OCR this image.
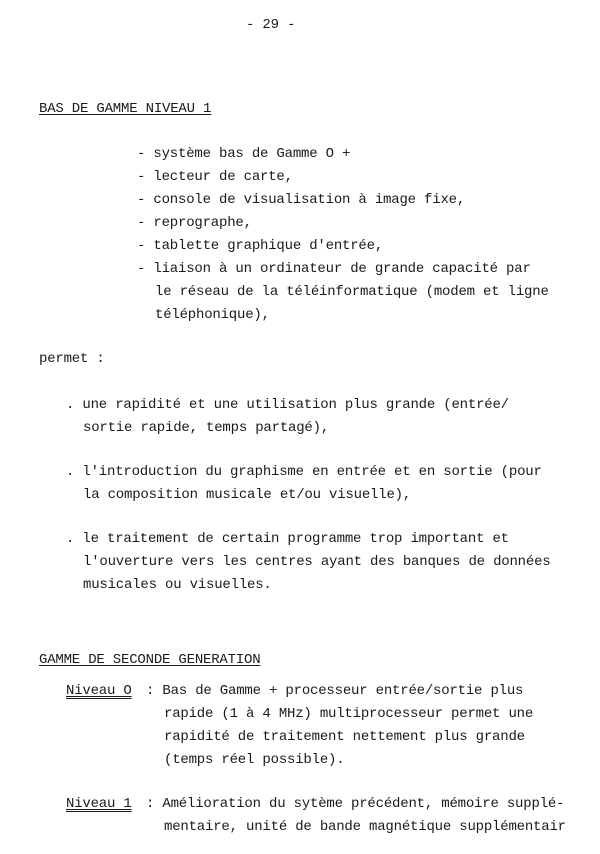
- 29 -
BAS DE GAMME NIVEAU 1
- système bas de Gamme O +
- lecteur de carte,
- console de visualisation à image fixe,
- reprographe,
- tablette graphique d'entrée,
- liaison à un ordinateur de grande capacité par
le réseau de la téléinformatique (modem et ligne
téléphonique),
permet :
. une rapidité et une utilisation plus grande (entrée/
sortie rapide, temps partagé),
. l'introduction du graphisme en entrée et en sortie (pour
la composition musicale et/ou visuelle),
. le traitement de certain programme trop important et
l'ouverture vers les centres ayant des banques de données
musicales ou visuelles.
GAMME DE SECONDE GENERATION
Niveau O : Bas de Gamme + processeur entrée/sortie plus
rapide (1 à 4 MHz) multiprocesseur permet une
rapidité de traitement nettement plus grande
(temps réel possible).
Niveau 1 : Amélioration du sytème précédent, mémoire supplé-
mentaire, unité de bande magnétique supplémentair
